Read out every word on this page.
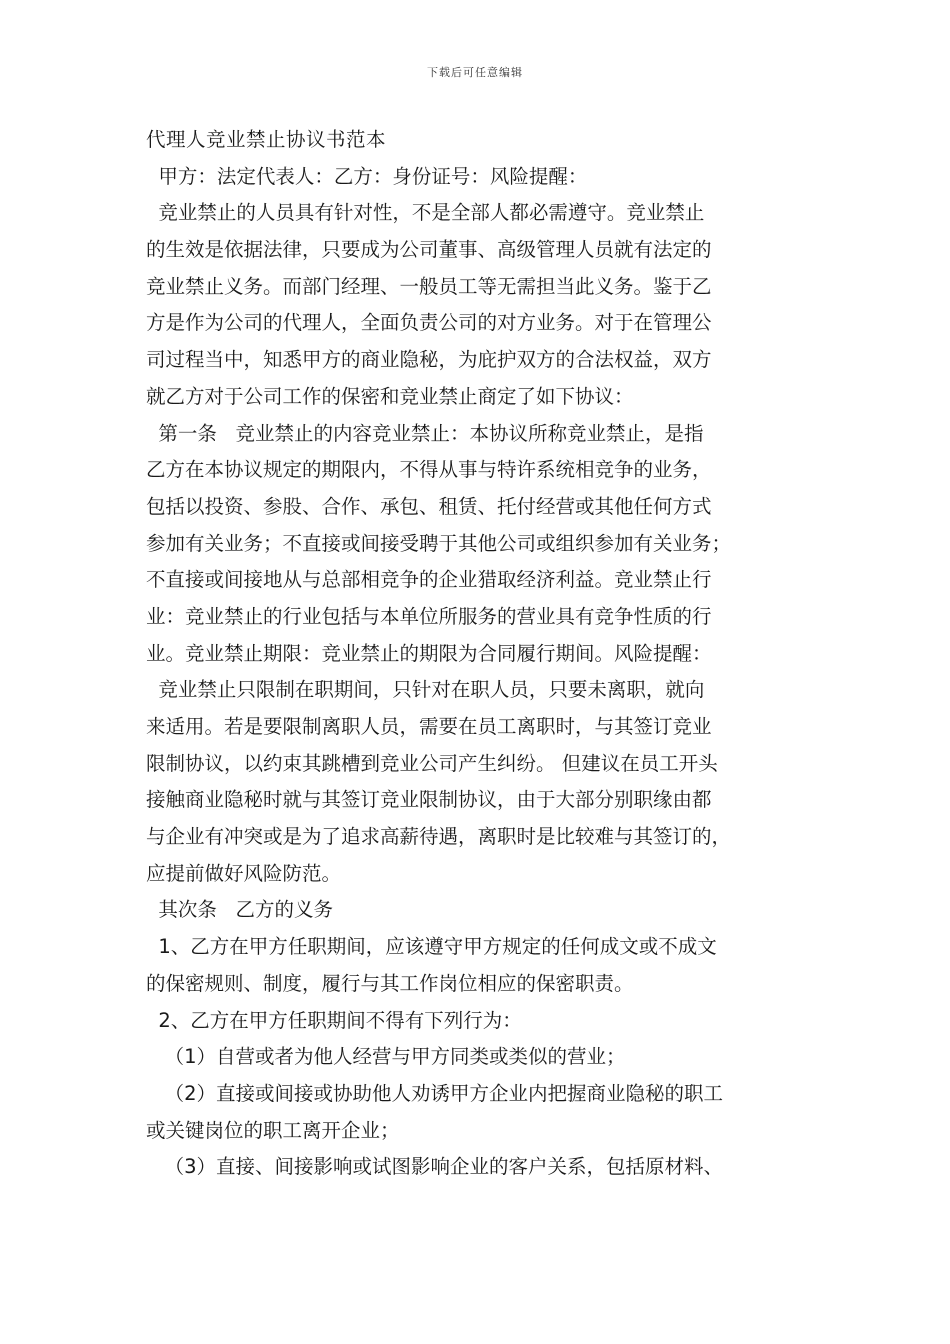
下载后可任意编辑
代理人竞业禁止协议书范本
甲方：法定代表人：乙方：身份证号：风险提醒：
竞业禁止的人员具有针对性，不是全部人都必需遵守。竞业禁止
的生效是依据法律，只要成为公司董事、高级管理人员就有法定的
竞业禁止义务。而部门经理、一般员工等无需担当此义务。鉴于乙
方是作为公司的代理人，全面负责公司的对方业务。对于在管理公
司过程当中，知悉甲方的商业隐秘，为庇护双方的合法权益，双方
就乙方对于公司工作的保密和竞业禁止商定了如下协议：
第一条   竞业禁止的内容竞业禁止：本协议所称竞业禁止，是指
乙方在本协议规定的期限内，不得从事与特许系统相竞争的业务，
包括以投资、参股、合作、承包、租赁、托付经营或其他任何方式
参加有关业务；不直接或间接受聘于其他公司或组织参加有关业务；
不直接或间接地从与总部相竞争的企业猎取经济利益。竞业禁止行
业：竞业禁止的行业包括与本单位所服务的营业具有竞争性质的行
业。竞业禁止期限：竞业禁止的期限为合同履行期间。风险提醒：
竞业禁止只限制在职期间，只针对在职人员，只要未离职，就向
来适用。若是要限制离职人员，需要在员工离职时，与其签订竞业
限制协议，以约束其跳槽到竞业公司产生纠纷。 但建议在员工开头
接触商业隐秘时就与其签订竞业限制协议，由于大部分别职缘由都
与企业有冲突或是为了追求高薪待遇，离职时是比较难与其签订的，
应提前做好风险防范。
其次条   乙方的义务
1、乙方在甲方任职期间，应该遵守甲方规定的任何成文或不成文
的保密规则、制度，履行与其工作岗位相应的保密职责。
2、乙方在甲方任职期间不得有下列行为：
（1）自营或者为他人经营与甲方同类或类似的营业；
（2）直接或间接或协助他人劝诱甲方企业内把握商业隐秘的职工
或关键岗位的职工离开企业；
（3）直接、间接影响或试图影响企业的客户关系，包括原材料、
